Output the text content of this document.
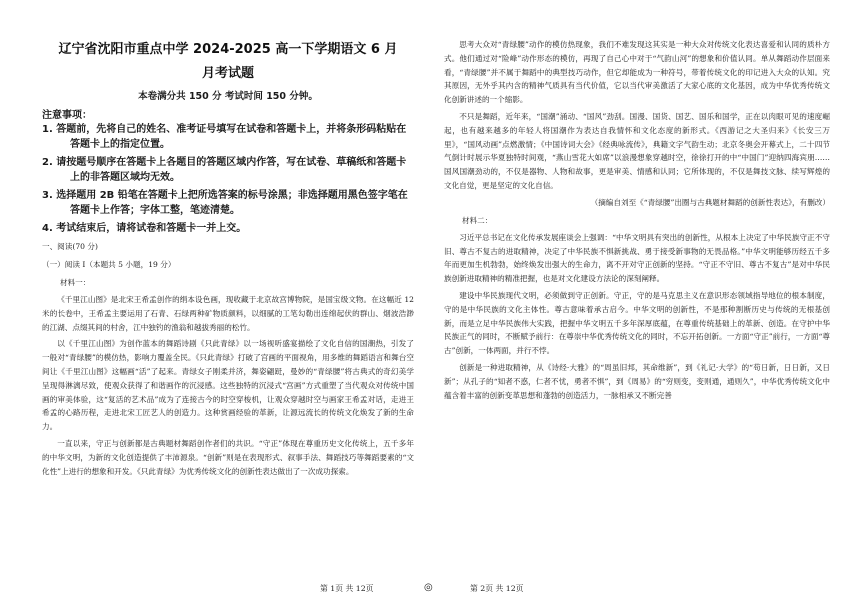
辽宁省沈阳市重点中学 2024-2025 高一下学期语文 6 月
月考试题
本卷满分共 150 分 考试时间 150 分钟。
注意事项：
1. 答题前，先将自己的姓名、准考证号填写在试卷和答题卡上，并将条形码粘贴在答题卡上的指定位置。
2. 请按题号顺序在答题卡上各题目的答题区域内作答，写在试卷、草稿纸和答题卡上的非答题区域均无效。
3. 选择题用 2B 铅笔在答题卡上把所选答案的标号涂黑；非选择题用黑色签字笔在答题卡上作答；字体工整，笔迹清楚。
4. 考试结束后，请将试卷和答题卡一并上交。
一、阅读(70 分)
（一）阅读 I（本题共 5 小题，19 分）
材料一：

《千里江山图》是北宋王希孟创作的绢本设色画，现收藏于北京故宫博物院，是国宝级文物。在这幅近 12 米的长卷中，王希孟主要运用了石青、石绿两种矿物质颜料，以细腻的工笔勾勒出连绵起伏的群山、烟波浩渺的江湖、点缀其间的村舍，江中独钓的渔翁和越拔秀丽的松竹。

以《千里江山图》为创作蓝本的舞蹈诗剧《只此青绿》以一场视听盛宴描绘了文化自信的国潮热，引发了一般对“青绿腰”的模仿热，影响力覆盖全民。《只此青绿》打破了宫画的平面视角，用多维的舞蹈语言和舞台空间让《千里江山图》这幅画“活”了起来。青绿女子刚柔并济，舞姿翩跹，曼妙的“青绿腰”将古典式的奇幻美学呈现得淋漓尽致，使观众获得了和谐画作的沉浸感。这些独特的沉浸式“宫画”方式重塑了当代观众对传统中国画的审美体验，这“复活的艺术品”成为了连接古今的时空穿梭机，让观众穿越时空与画家王希孟对话，走进王希孟的心路历程，走进北宋工匠艺人的创造力。这种赏画经验的革新，让源远流长的传统文化焕发了新的生命力。

一直以来，守正与创新都是古典题材舞蹈创作者们的共识。“守正”体现在尊重历史文化传统上，五千多年的中华文明，为新的文化创造提供了丰沛源泉。“创新”则是在表现形式、叙事手法、舞蹈技巧等舞蹈要素的“文化性”上进行的想象和开发。《只此青绿》为优秀传统文化的创新性表达做出了一次成功探索。

思考大众对“青绿腰”动作的模仿热现象，我们不难发现这其实是一种大众对传统文化表达喜爱和认同的质朴方式。他们通过对“险峰”动作形态的模仿，再现了自己心中对于“气韵山河”的想象和价值认同。单从舞蹈动作层面来看，“青绿腰”并不属于舞蹈中的典型技巧动作，但它却能成为一种符号，带着传统文化的印记进入大众的认知。究其原因，无外乎其内含的精神气质具有当代价值，它以当代审美激活了大家心底的文化基因，成为中华优秀传统文化创新讲述的一个缩影。

不只是舞蹈，近年来，“国潮”涌动、“国风”劲刮。国漫、国货、国艺、国乐和国学，正在以肉眼可见的速度崛起，也有越来越多的年轻人将国潮作为表达自我情怀和文化态度的新形式。《西游记之大圣归来》《长安三万里》，“国风动画”点燃激情；《中国诗词大会》《经典咏流传》，典籍文字气韵生动；北京冬奥会开幕式上，二十四节气倒计时展示华夏独特时间观，“燕山雪花大如席”以浪漫想象穿越时空，徐徐打开的中“中国门”迎纳四海宾朋……国风国潮劲动的，不仅是器物、人物和故事，更是审美、情感和认同；它所体现的，不仅是舞技文脉、续写辉煌的文化自觉，更是坚定的文化自信。

（摘编自刘至《“青绿腰”出圈与古典题材舞蹈的创新性表达》，有删改）
材料二：

习近平总书记在文化传承发展座谈会上强调：“中华文明具有突出的创新性，从根本上决定了中华民族守正不守旧、尊古不复古的进取精神，决定了中华民族不惧新挑战、勇于接受新事物的无畏品格。”中华文明能够历经五千多年而更加生机勃勃，始终焕发出强大的生命力，离不开对守正创新的坚持。“守正不守旧、尊古不复古”是对中华民族创新进取精神的精准把握，也是对文化建设方法论的深刻阐释。

建设中华民族现代文明，必须做到守正创新。守正，守的是马克思主义在意识形态领域指导地位的根本制度，守的是中华民族的文化主体性。尊古意味着承古启今。中华文明的创新性，不是那种割断历史与传统的无根基创新，而是立足中华民族伟大实践，把握中华文明五千多年深厚底蕴，在尊重传统基础上的革新、创造。在守护中华民族正气的同时，不断赋予前行：在尊崇中华优秀传统文化的同时，不忘开拓创新。一方面“守正”前行，一方面“尊古”创新，一体两面，并行不悖。

创新是一种进取精神，从《诗经·大雅》的“周虽旧邦，其命维新”，到《礼记·大学》的“苟日新，日日新，又日新”；从孔子的“知者不惑，仁者不忧，勇者不惧”，到《周易》的“穷则变，变则通，通则久”，中华优秀传统文化中蕴含着丰富的创新变革思想和蓬勃的创造活力，一脉相承又不断完善

第 1页 共 12页	◎	第 2页 共 12页
